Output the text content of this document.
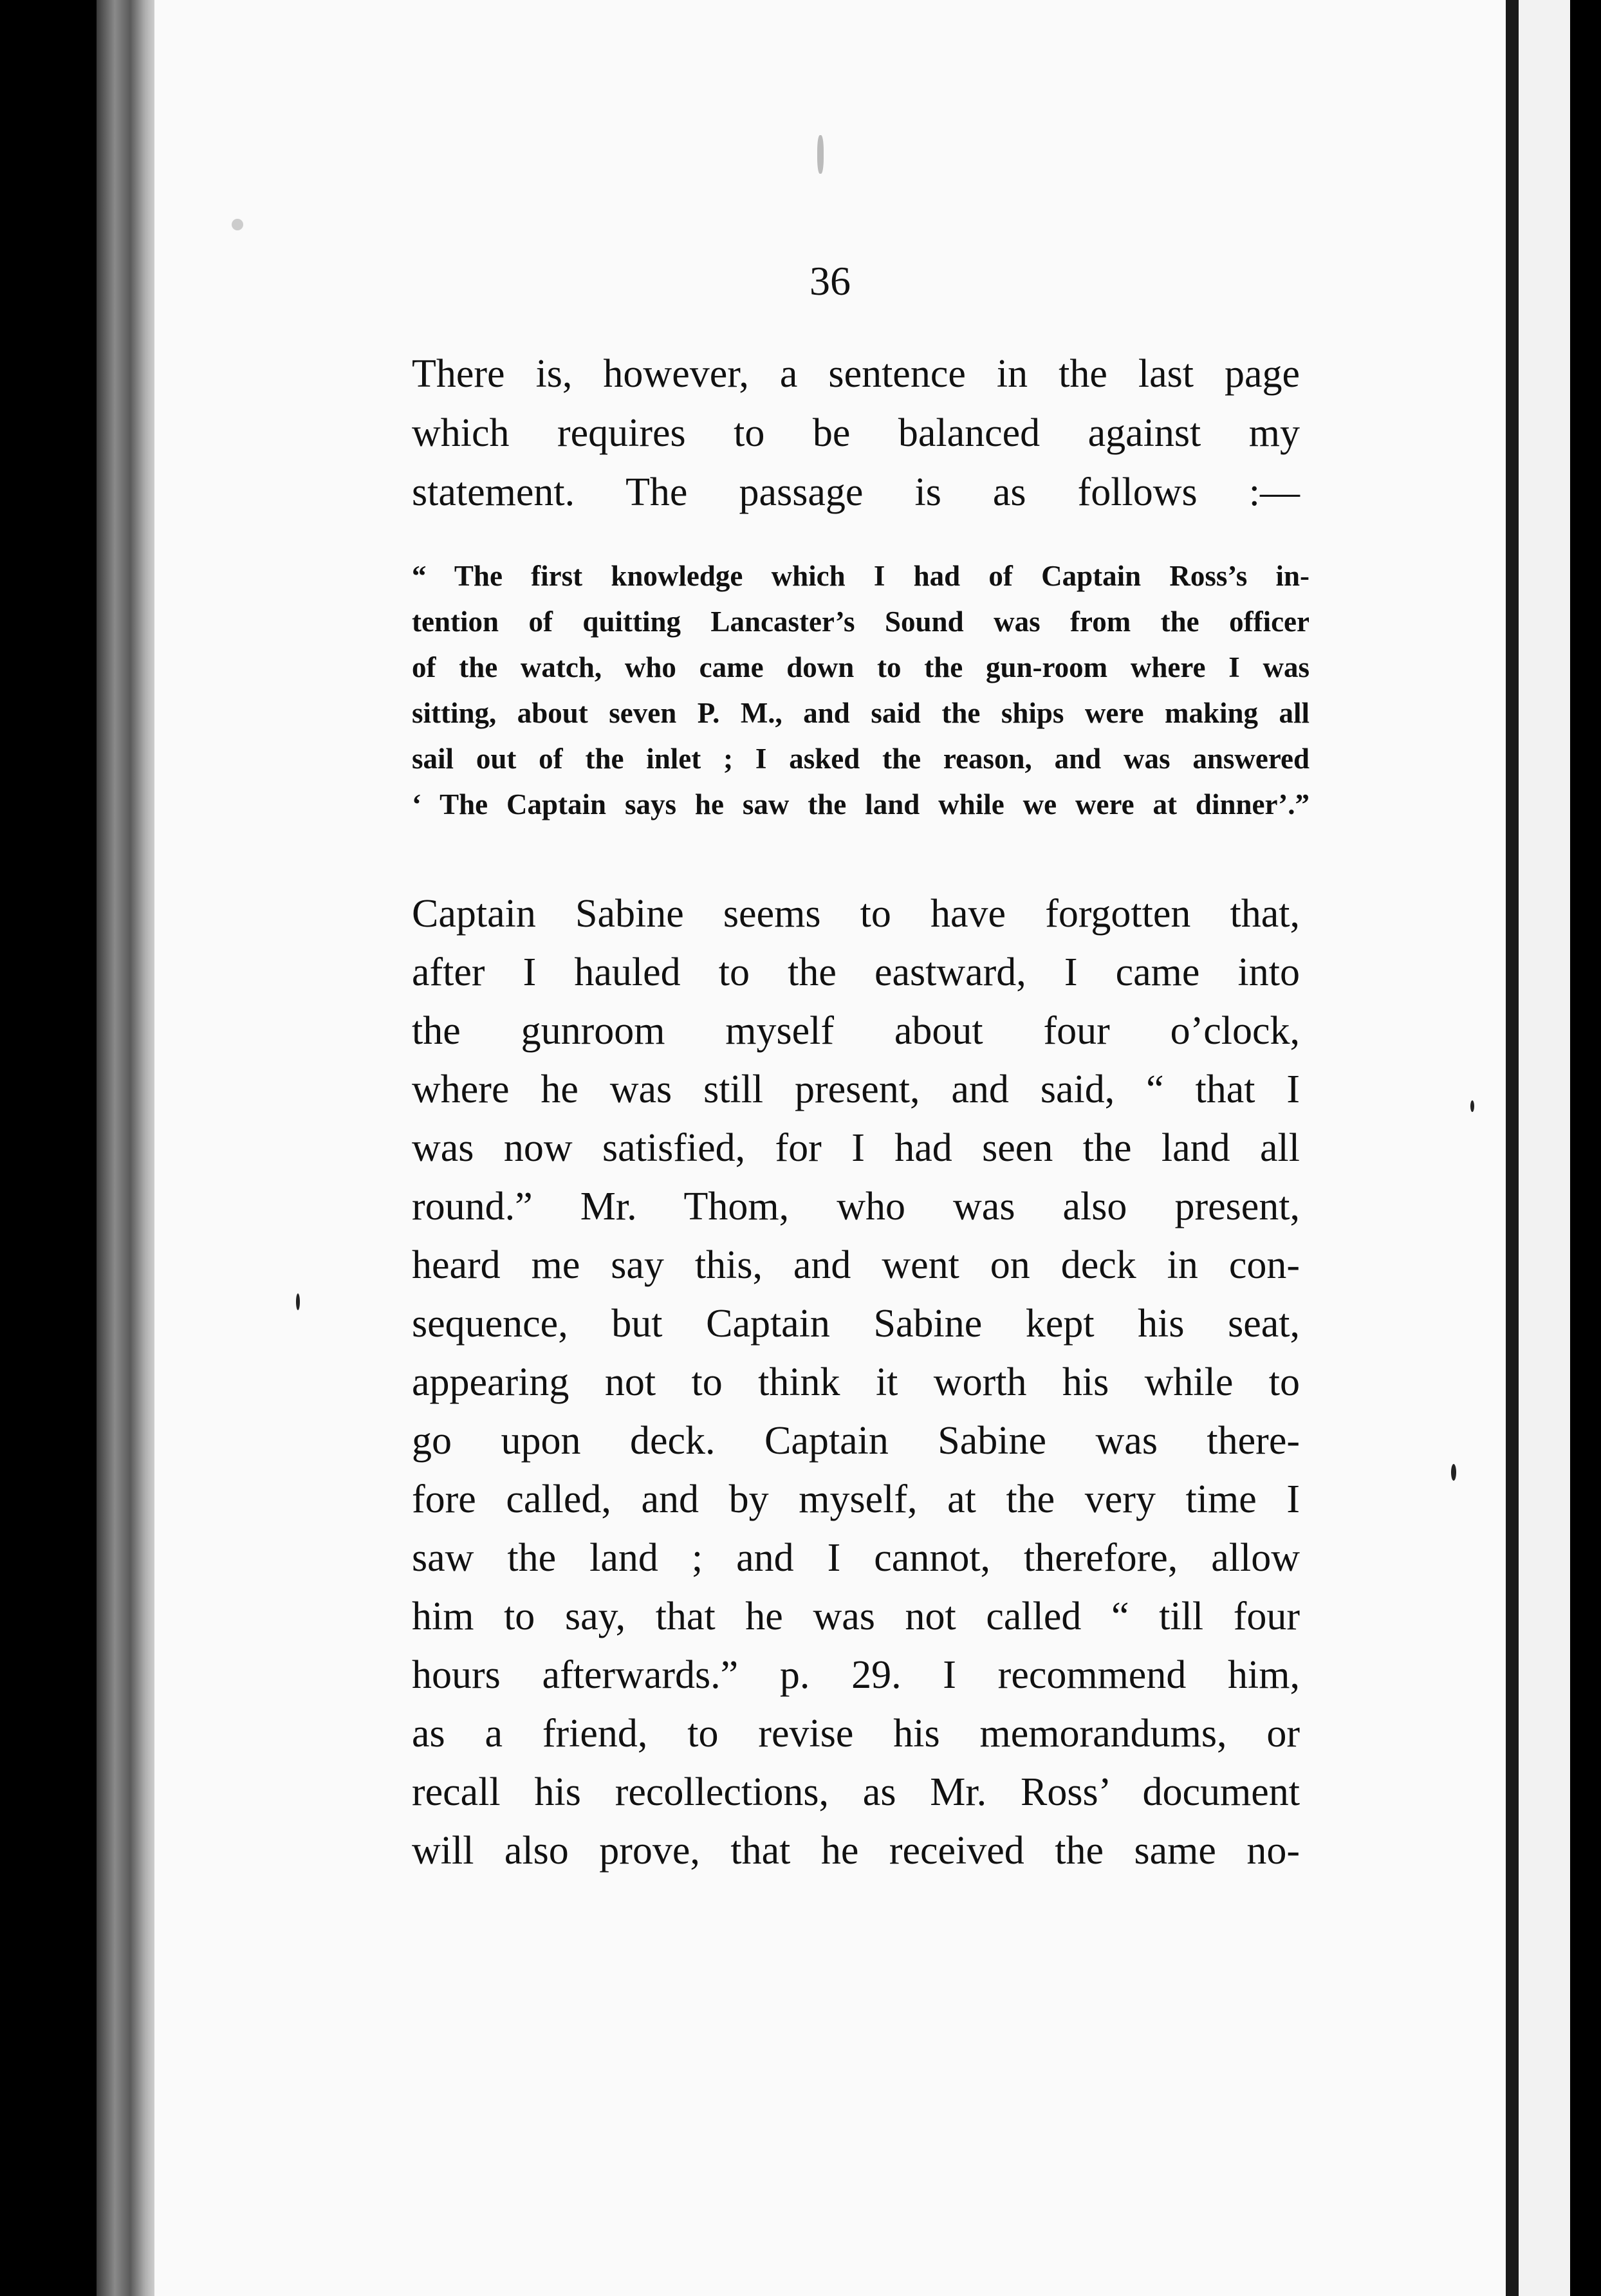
36
There is, however, a sentence in the last page
which requires to be balanced against my
statement. The passage is as follows :—
“ The first knowledge which I had of Captain Ross’s in-
tention of quitting Lancaster’s Sound was from the officer
of the watch, who came down to the gun-room where I was
sitting, about seven P. M., and said the ships were making all
sail out of the inlet ; I asked the reason, and was answered
‘ The Captain says he saw the land while we were at dinner’.”
Captain Sabine seems to have forgotten that,
after I hauled to the eastward, I came into
the gunroom myself about four o’clock,
where he was still present, and said, “ that I
was now satisfied, for I had seen the land all
round.” Mr. Thom, who was also present,
heard me say this, and went on deck in con-
sequence, but Captain Sabine kept his seat,
appearing not to think it worth his while to
go upon deck. Captain Sabine was there-
fore called, and by myself, at the very time I
saw the land ; and I cannot, therefore, allow
him to say, that he was not called “ till four
hours afterwards.” p. 29. I recommend him,
as a friend, to revise his memorandums, or
recall his recollections, as Mr. Ross’ document
will also prove, that he received the same no-
